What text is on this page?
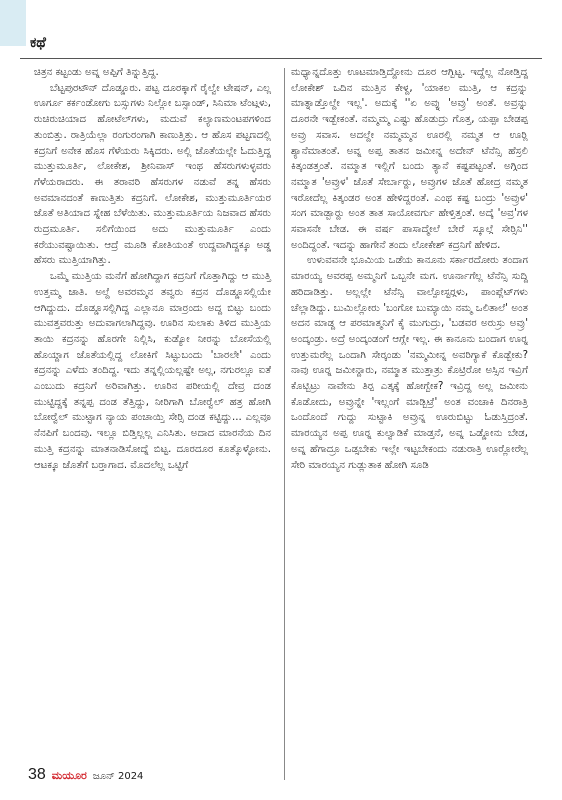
ಕಥೆ

ಚಿತ್ರನ ಕಟ್ಟಂಡು ಅವ್ನ ಅಪ್ಪಿಗೆ ತಿನ್ನುತ್ತಿದ್ದ.

ಬೆಟ್ಟಪುರಟೌನ್ ದೊಡ್ಡೂರು. ಪಟ್ಟ ದೂರಕ್ಕಾಗೆ ರೈಲ್ವೇ ಟೇಷನ್, ಎಲ್ಲ ಊರ್ಗೂ ಕರ್ಕಂಡೋಗು ಬಸ್ಸುಗಳು ನಿಲ್ಲೋ ಬಸ್ಸಾಂಡ್, ಸಿನಿಮಾ ಟೆಂಟ್ಗಳು, ರುಚಿರುಚಿಯಾದ ಹೋಟೆಲ್‌ಗಳು, ಮದುವೆ ಕಲ್ಯಾಣಮಂಟಪಗಳಿಂದ ತುಂಬಿತ್ತು. ರಾತ್ರಿಯೆಲ್ಲಾ ರಂಗುರಂಗಾಗಿ ಕಾಣುತ್ತಿತ್ತು. ಆ ಹೊಸ ಪಟ್ಟಣದಲ್ಲಿ ಕದ್ರನಿಗೆ ಅನೇಕ ಹೊಸ ಗೆಳೆಯರು ಸಿಕ್ಕಿದರು. ಅಲ್ಲಿ ಜೊತೆಯಲ್ಲೇ ಓದುತ್ತಿದ್ದ ಮುತ್ತುಮೂರ್ತಿ, ಲೋಕೇಶ, ಶ್ರೀನಿವಾಸ್ ಇಂಥ ಹೆಸರುಗಳುಳ್ಳವರು ಗೆಳೆಯರಾದರು. ಈ ತರಾವರಿ ಹೆಸರುಗಳ ನಡುವೆ ತನ್ನ ಹೆಸರು ಅವಮಾನದಂತೆ ಕಾಣುತ್ತಿತು ಕದ್ರನಿಗೆ. ಲೋಕೇಶ, ಮುತ್ತುಮೂರ್ತಿಯರ ಜೊತೆ ಅತಿಯಾದ ಸ್ನೇಹ ಬೆಳೆಯಿತು. ಮುತ್ತುಮೂರ್ತಿಯ ನಿಜವಾದ ಹೆಸರು ರುದ್ರಮೂರ್ತಿ. ಸಲಿಗೆಯಿಂದ ಅದು ಮುತ್ತುಮೂರ್ತಿ ಎಂದು ಕರೆಯುವಷ್ಟಾಯಿತು. ಆದ್ರೆ ಮೂಡಿ ಕೋತಿಯಂತೆ ಉದ್ದವಾಗಿದ್ದಕ್ಕೂ ಅಡ್ಡ ಹೆಸರು ಮುತ್ತಿಯಾಗಿತ್ತು.

ಒಮ್ಮೆ ಮುತ್ತಿಯ ಮನೆಗೆ ಹೋಗಿದ್ದಾಗ ಕದ್ರನಿಗೆ ಗೊತ್ತಾಗಿದ್ದು ಆ ಮುತ್ತಿ ಉತ್ತಮ್ಮ ಜಾತಿ. ಅಲ್ದೆ ಅವರಮ್ಮನ ತವ್ವರು ಕದ್ರನ ದೊಡ್ಡೂಸಲ್ಲಿಯೇ ಆಗಿದ್ದುದು. ದೊಡ್ಡೂಸಲ್ಲಿಗಿದ್ದ ಎಲ್ಲಾನೂ ಮಾರ‍್ರಂದು ಅದ್ದ ಬಿಟ್ಟು ಬಂದು ಮುವತ್ತವರುತ್ತು ಅದುವಾಗಲಾಗಿದ್ದವು. ಊರಿನ ಸುಲಾಕು ತಿಳಿದ ಮುತ್ತಿಯ ತಾಯಿ ಕದ್ರನನ್ನು ಹೊರಗೇ ನಿಲ್ಲಿಸಿ, ಕುಡ್ಯೋ ನೀರನ್ನು ಬೋಸೆಯಲ್ಲಿ ಹೊಯ್ದಾಗ ಜೊತೆಯಲ್ಲಿದ್ದ ಲೋಕಿಗೆ ಸಿಟ್ಟುಬಂದು 'ಬಾರಲೇ' ಎಂದು ಕದ್ರನನ್ನು ಎಳೆದು ತಂದಿದ್ದ. ಇದು ತನ್ನಲ್ಲಿಯಲ್ಲಷ್ಟೇ ಅಲ್ಲ, ನಗುರಲ್ಲೂ ಐತೆ ಎಂಬುದು ಕದ್ರನಿಗೆ ಅರಿವಾಗಿತ್ತು. ಊರಿನ ಪರೀಯಲ್ಲಿ ದೇವ್ರ ದಂಡ ಮುಟ್ಟಿದ್ದಕ್ಕೆ ತನ್ನಪ್ಪ ದಂಡ ತೆತ್ತಿದ್ದು, ನೀರಿಗಾಗಿ ಬೋರ‍್ವೆಲ್ ಹತ್ರ ಹೋಗಿ ಬೋರ‍್ವೆಲ್ ಮುಟ್ಟಾಗ ನ್ಯಾಯ ಪಂಚಾಯ್ತಿ ಸೇರ‍್ಸಿ ದಂಡ ಕಟ್ಟಿದ್ದು... ಎಲ್ಲವೂ ನೆನಪಿಗೆ ಬಂದವು. ಇಲ್ಲೂ ಬಿಡ್ತಿಲ್ಲಲ್ಲ ಎನಿಸಿತು. ಅದಾದ ಮಾರನೆಯ ದಿನ ಮುತ್ತಿ ಕದ್ರನನ್ನು ಮಾತನಾಡಿಸೋದ್ನೆ ಬಿಟ್ಟ. ದೂರದೂರ ಕೂತ್ಕೊಳ್ಳೋನು. ಆಟಕ್ಕೂ ಜೊತೆಗೆ ಬರ‍್ತಾಗಾದ. ಮೊದಲೆಲ್ಲ ಒಟ್ಟಿಗೆ

ಮಧ್ಯಾನ್ನದೊತ್ತು ಊಟಮಾಡ್ತಿದ್ದೋನು ದೂರ ಆಗ್ಬಿಟ್ಟ. ಇದ್ದೆಲ್ಲ ನೋಡ್ತಿದ್ದ ಲೋಕೇಶ್ ಒದಿನ ಮುತ್ತಿನ ಕೇಳ್ದ, 'ಯಾಕಲ ಮುತ್ತಿ, ಆ ಕದ್ರನ್ನು ಮಾತ್ನಾಡ್ತೊಲ್ದೇ ಇಲ್ಲ'. ಅದುಕ್ಕೆ ''ಏ ಅವ್ನು 'ಅವ್ರು' ಅಂತೆ. ಅವ್ರನ್ನು ದೂರನೇ ಇಡ್ಬೇಕಂತೆ. ನಮ್ಮಮ್ಮ ಎಷ್ಟು ಹೊಡುದ್ರು ಗೊತ್ತ, ಯಪ್ಪಾ ಬೇಡಪ್ಪ ಅವ್ರು ಸವಾಸ. ಅದಲ್ದೇ ನಮ್ಮಮ್ಮನ ಊರಲ್ಲಿ ನಮ್ಮತ ಆ ಊರ‍್ಲಿ ಶ್ಯಾನೆಮಾತಂತೆ. ಅವ್ನ ಅಪ್ಪ ತಾತನ ಜಮೀನ್ನ ಅದೇನ್ ಟೆನೆನ್ಸಿ ಹೆಸ್ರಲಿ ಕಿತ್ಕಂಡತ್ತಂತೆ. ನಮ್ಮಾತ ಇಲ್ಲಿಗೆ ಬಂದು ತ್ಯಾನೆ ಕಷ್ಟಪಟ್ಟಂತೆ. ಅಗ್ಗಿಂದ ನಮ್ಮಾತ 'ಅವ್ರುಳ' ಜೊತೆ ಸೇರ್ಬಾರ‍್ದು, ಅವ್ರುಗಳ ಜೊತೆ ಹೋದ್ರ ನಮ್ಮತ ಇರೋದೆಲ್ಲ ಕಿತ್ಕಂಡರ ಅಂತ ಹೇಳಿದ್ದರಂತೆ. ಎಂಥ ಕಷ್ಟ ಬಂದ್ರು 'ಅವ್ರುಳ' ಸಂಗ ಮಾಡ್ಬಾರ‍್ದು ಅಂತ ತಾತ ಸಾಯೋವರ್ಗು ಹೇಳ್ತಿತ್ತಂತೆ. ಅದ್ಕೆ 'ಅವ್ರ'ಗಳ ಸವಾಸನೇ ಬೇಡ. ಈ ವರ್ಷ ಪಾಸಾದ್ಮೇಲೆ ಬೇರೆ ಸ್ಕೂಲ್ಗೆ ಸೇರ‍್ಸಿನಿ'' ಅಂದಿದ್ದಂತೆ. ಇದನ್ನು ಹಾಗೇನೆ ತಂದು ಲೋಕೇಶ್ ಕದ್ರನಿಗೆ ಹೇಳಿದ.

ಉಳುವವನೇ ಭೂಮಿಯ ಒಡೆಯ ಕಾನೂನು ಸರ್ಕಾರದೋರು ತಂದಾಗ ಮಾರಯ್ಯ ಅವರಪ್ಪ ಅಮ್ಮನಿಗೆ ಒಬ್ಬನೇ ಮಗ. ಊರ್ನಾಗೆಲ್ಲ ಟೆನೆನ್ಸಿ ಸುದ್ದಿ ಹರಿದಾಡಿತ್ತು. ಅಲ್ಲಲ್ಲೇ ಟೆನೆನ್ಸಿ ವಾಲ್ಪೋಸ್ಟರ‍್ಗಳು, ಪಾಂಪ್ಲೆಟ್‌ಗಳು ಚೆಲ್ಲಾಡಿದ್ದು. ಬುಮಿಲ್ಲೋರು 'ಬಂಗೋ ಬುಮ್ಯಾಯಿ ನಮ್ಮ ಒಲಿತಾಲೆ' ಅಂತ ಅದನ ಮಾಡ್ದ ಆ ಪರಮಾತ್ಮನಿಗೆ ಕೈ ಮುಗುದ್ರು, 'ಬಡವರ ಅರುಸ್ರು ಅವ್ರು' ಅಂದ್ಕಂಡ್ರು. ಅದ್ರೆ ಅಂದ್ಕಂಡಂಗೆ ಆಗ್ಲೇ ಇಲ್ಲ. ಈ ಕಾನೂನು ಬಂದಾಗ ಊರ‍್ನ ಉತ್ತುಮರೆಲ್ಲ ಒಂದಾಗಿ ಸೇರ‍್ಕಂಡು 'ನಮ್ಮಮೀನ್ನ ಅವರಿಗ್ಯಾಕೆ ಕೊಡ್ಬೇಕು? ನಾವು ಊರ‍್ನ ಜಮೀನ್ದಾರು, ನಮ್ಮಾತ ಮುತ್ತಾತ್ರು ಕೊಟ್ರಿರೋ ಅಸ್ಸಿನ ಇವ್ರಿಗೆ ಕೊಟ್ಬಿಟ್ರು ನಾವೇನು ತಿರ‍್ಪ ಎತ್ಕಕ್ಕೆ ಹೋಗ್ಬೇಕ? ಇವ್ರಿದ್ದ ಅಲ್ಲ ಜಮೀನು ಕೊಡೋದು, ಅವ್ರುನ್ನೇ 'ಇಲ್ಲಂಗೆ ಮಾಡ್ಬಿಟ್ರೆ' ಅಂತ ವಂಚಾಕಿ ದಿನರಾತ್ರಿ ಒಂದೊಂದೆ ಗುದ್ದು ಸುಟ್ಟಾಕಿ ಅವ್ರುನ್ನ ಊರುಬಿಟ್ಟು ಓಡುಸ್ತಿದ್ರಂತೆ. ಮಾರಯ್ಯನ ಅಪ್ಪ ಊರ‍್ನ ಕುಲ್ವಾಡಿಕೆ ಮಾಡ್ತನೆ, ಅವ್ನ ಒಡ್ಡೋನು ಬೇಡ, ಅವ್ನ ಹೆಗಾದ್ರೂ ಒಡ್ಸಬೇಕು ಇಲ್ಲೇ ಇಟ್ಟಬೇಕಂದು ನಡುರಾತ್ರಿ ಊರ‍್ಲೋರೆಲ್ಲ ಸೇರಿ ಮಾರಯ್ಯನ ಗುಡ್ಲುತಾಕ ಹೋಗಿ ಸೂಡಿ

38 ಮಯೂರ ಜೂನ್ 2024
